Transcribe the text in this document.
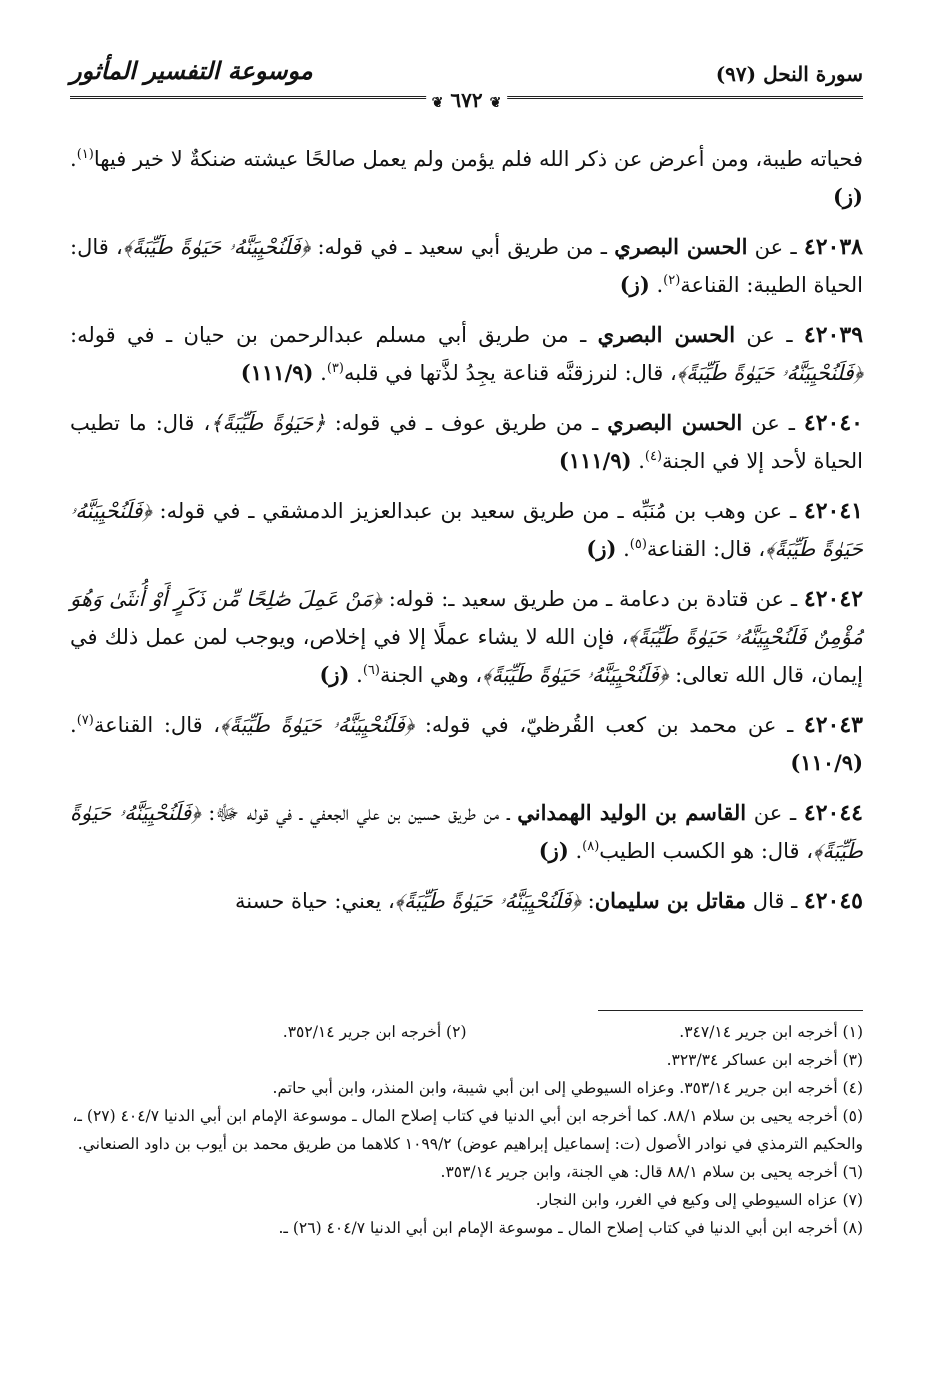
سورة النحل (٩٧)
موسوعة التفسير المأثور
❦ ٦٧٢ ❦

فحياته طيبة، ومن أعرض عن ذكر الله فلم يؤمن ولم يعمل صالحًا عيشته ضنكةٌ لا خير فيها$^{(١)}$. (ز)

٤٢٠٣٨ ـ عن الحسن البصري ـ من طريق أبي سعيد ـ في قوله: ﴿فَلَنُحْيِيَنَّهُۥ حَيَوٰةً طَيِّبَةً﴾، قال: الحياة الطيبة: القناعة$^{(٢)}$. (ز)

٤٢٠٣٩ ـ عن الحسن البصري ـ من طريق أبي مسلم عبدالرحمن بن حيان ـ في قوله: ﴿فَلَنُحْيِيَنَّهُۥ حَيَوٰةً طَيِّبَةً﴾، قال: لنرزقنَّه قناعة يجِدُ لذَّتها في قلبه$^{(٣)}$. (١١١/٩)

٤٢٠٤٠ ـ عن الحسن البصري ـ من طريق عوف ـ في قوله: ﴿حَيَوٰةً طَيِّبَةً﴾، قال: ما تطيب الحياة لأحد إلا في الجنة$^{(٤)}$. (١١١/٩)

٤٢٠٤١ ـ عن وهب بن مُنَبِّه ـ من طريق سعيد بن عبدالعزيز الدمشقي ـ في قوله: ﴿فَلَنُحْيِيَنَّهُۥ حَيَوٰةً طَيِّبَةً﴾، قال: القناعة$^{(٥)}$. (ز)

٤٢٠٤٢ ـ عن قتادة بن دعامة ـ من طريق سعيد ـ: قوله: ﴿مَنْ عَمِلَ صَٰلِحًا مِّن ذَكَرٍ أَوْ أُنثَىٰ وَهُوَ مُؤْمِنٌ فَلَنُحْيِيَنَّهُۥ حَيَوٰةً طَيِّبَةً﴾، فإن الله لا يشاء عملًا إلا في إخلاص، ويوجب لمن عمل ذلك في إيمان، قال الله تعالى: ﴿فَلَنُحْيِيَنَّهُۥ حَيَوٰةً طَيِّبَةً﴾، وهي الجنة$^{(٦)}$. (ز)

٤٢٠٤٣ ـ عن محمد بن كعب القُرظيّ، في قوله: ﴿فَلَنُحْيِيَنَّهُۥ حَيَوٰةً طَيِّبَةً﴾، قال: القناعة$^{(٧)}$. (١١٠/٩)

٤٢٠٤٤ ـ عن القاسم بن الوليد الهمداني ـ من طريق حسين بن علي الجعفي ـ في قوله ﷻ: ﴿فَلَنُحْيِيَنَّهُۥ حَيَوٰةً طَيِّبَةً﴾، قال: هو الكسب الطيب$^{(٨)}$. (ز)

٤٢٠٤٥ ـ قال مقاتل بن سليمان: ﴿فَلَنُحْيِيَنَّهُۥ حَيَوٰةً طَيِّبَةً﴾، يعني: حياة حسنة

(١) أخرجه ابن جرير ٣٤٧/١٤.
(٢) أخرجه ابن جرير ٣٥٢/١٤.

(٣) أخرجه ابن عساكر ٣٢٣/٣٤.

(٤) أخرجه ابن جرير ٣٥٣/١٤. وعزاه السيوطي إلى ابن أبي شيبة، وابن المنذر، وابن أبي حاتم.

(٥) أخرجه يحيى بن سلام ٨٨/١. كما أخرجه ابن أبي الدنيا في كتاب إصلاح المال ـ موسوعة الإمام ابن أبي الدنيا ٤٠٤/٧ (٢٧) ـ، والحكيم الترمذي في نوادر الأصول (ت: إسماعيل إبراهيم عوض) ١٠٩٩/٢ كلاهما من طريق محمد بن أيوب بن داود الصنعاني.

(٦) أخرجه يحيى بن سلام ٨٨/١ قال: هي الجنة، وابن جرير ٣٥٣/١٤.

(٧) عزاه السيوطي إلى وكيع في الغرر، وابن النجار.

(٨) أخرجه ابن أبي الدنيا في كتاب إصلاح المال ـ موسوعة الإمام ابن أبي الدنيا ٤٠٤/٧ (٢٦) ـ.
